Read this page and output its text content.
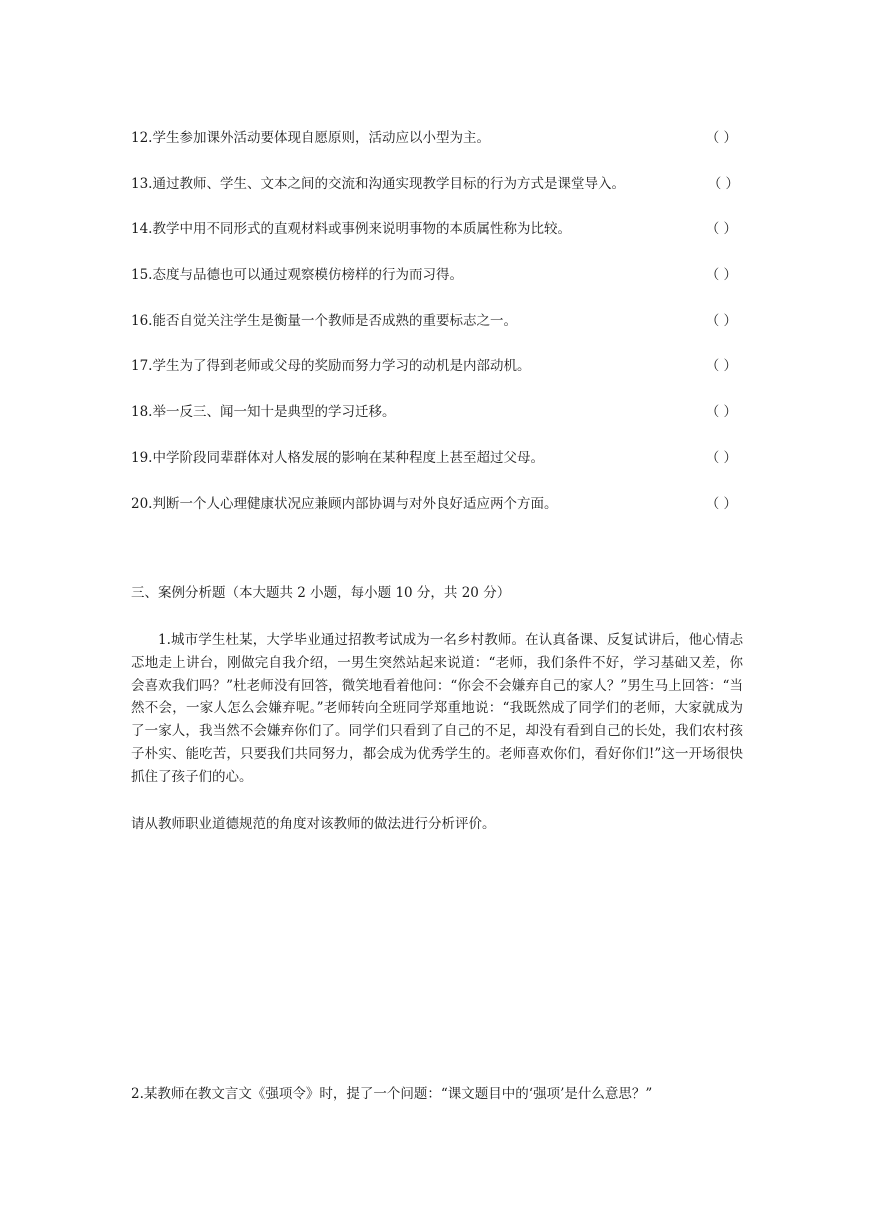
12.学生参加课外活动要体现自愿原则，活动应以小型为主。	（ ）
13.通过教师、学生、文本之间的交流和沟通实现教学目标的行为方式是课堂导入。	（ ）
14.教学中用不同形式的直观材料或事例来说明事物的本质属性称为比较。	（ ）
15.态度与品德也可以通过观察模仿榜样的行为而习得。	（ ）
16.能否自觉关注学生是衡量一个教师是否成熟的重要标志之一。	（ ）
17.学生为了得到老师或父母的奖励而努力学习的动机是内部动机。	（ ）
18.举一反三、闻一知十是典型的学习迁移。	（ ）
19.中学阶段同辈群体对人格发展的影响在某种程度上甚至超过父母。	（ ）
20.判断一个人心理健康状况应兼顾内部协调与对外良好适应两个方面。	（ ）
三、案例分析题（本大题共 2 小题，每小题 10 分，共 20 分）

1.城市学生杜某，大学毕业通过招教考试成为一名乡村教师。在认真备课、反复试讲后，他心情忐忑地走上讲台，刚做完自我介绍，一男生突然站起来说道：“老师，我们条件不好，学习基础又差，你会喜欢我们吗？”杜老师没有回答，微笑地看着他问：“你会不会嫌弃自己的家人？”男生马上回答：“当然不会，一家人怎么会嫌弃呢。”老师转向全班同学郑重地说：“我既然成了同学们的老师，大家就成为了一家人，我当然不会嫌弃你们了。同学们只看到了自己的不足，却没有看到自己的长处，我们农村孩子朴实、能吃苦，只要我们共同努力，都会成为优秀学生的。老师喜欢你们，看好你们!”这一开场很快抓住了孩子们的心。

请从教师职业道德规范的角度对该教师的做法进行分析评价。
2.某教师在教文言文《强项令》时，提了一个问题：“课文题目中的‘强项’是什么意思？”
